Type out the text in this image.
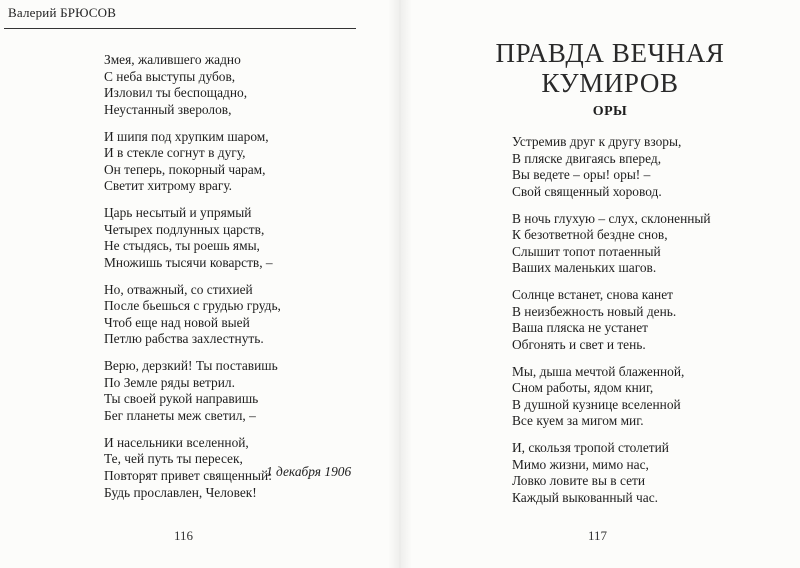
Валерий БРЮСОВ
Змея, жалившего жадно
С неба выступы дубов,
Изловил ты беспощадно,
Неустанный зверолов,
И шипя под хрупким шаром,
И в стекле согнут в дугу,
Он теперь, покорный чарам,
Светит хитрому врагу.
Царь несытый и упрямый
Четырех подлунных царств,
Не стыдясь, ты роешь ямы,
Множишь тысячи коварств, –
Но, отважный, со стихией
После бьешься с грудью грудь,
Чтоб еще над новой выей
Петлю рабства захлестнуть.
Верю, дерзкий! Ты поставишь
По Земле ряды ветрил.
Ты своей рукой направишь
Бег планеты меж светил, –
И насельники вселенной,
Те, чей путь ты пересек,
Повторят привет священный:
Будь прославлен, Человек!
1 декабря 1906
116
ПРАВДА ВЕЧНАЯ
КУМИРОВ
ОРЫ
Устремив друг к другу взоры,
В пляске двигаясь вперед,
Вы ведете – оры! оры! –
Свой священный хоровод.
В ночь глухую – слух, склоненный
К безответной бездне снов,
Слышит топот потаенный
Ваших маленьких шагов.
Солнце встанет, снова канет
В неизбежность новый день.
Ваша пляска не устанет
Обгонять и свет и тень.
Мы, дыша мечтой блаженной,
Сном работы, ядом книг,
В душной кузнице вселенной
Все куем за мигом миг.
И, скользя тропой столетий
Мимо жизни, мимо нас,
Ловко ловите вы в сети
Каждый выкованный час.
117
